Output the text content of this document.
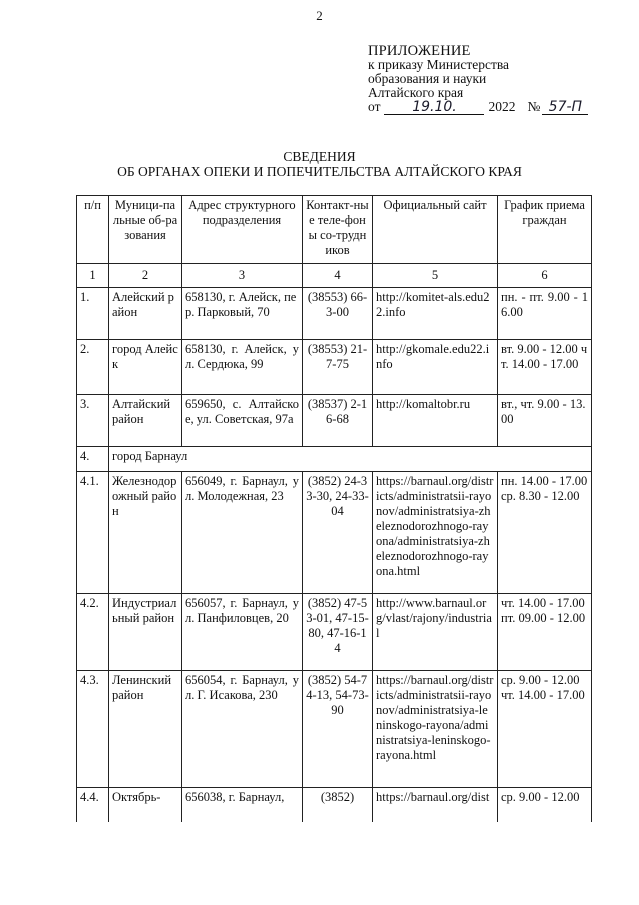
2
ПРИЛОЖЕНИЕ
к приказу Министерства
образования и науки
Алтайского края
от	19.10.	2022 № 57-П
СВЕДЕНИЯ
ОБ ОРГАНАХ ОПЕКИ И ПОПЕЧИТЕЛЬСТВА АЛТАЙСКОГО КРАЯ
п/п	Муници-пальные об-разования	Адрес структурного подразделения	Контакт-ные теле-фоны со-трудников	Официальный сайт	График приема граждан
1	2	3	4	5	6
1.	Алейский район	658130, г. Алейск, пер. Парковый, 70	(38553) 66-3-00	http://komitet-als.edu22.info	пн. - пт. 9.00 - 16.00
2.	город Алейск	658130, г. Алейск, ул. Сердюка, 99	(38553) 21-7-75	http://gkomale.edu22.info	вт. 9.00 - 12.00 чт. 14.00 - 17.00
3.	Алтайский район	659650, с. Алтайское, ул. Советская, 97а	(38537) 2-16-68	http://komaltobr.ru	вт., чт. 9.00 - 13.00
4.	город Барнаул				
4.1.	Железнодорожный район	656049, г. Барнаул, ул. Молодежная, 23	(3852) 24-33-30, 24-33-04	https://barnaul.org/districts/administratsii-rayonov/administratsiya-zheleznodorozhnogo-rayona/administratsiya-zheleznodorozhnogo-rayona.html	пн. 14.00 - 17.00 ср. 8.30 - 12.00
4.2.	Индустриальный район	656057, г. Барнаул, ул. Панфиловцев, 20	(3852) 47-53-01, 47-15-80, 47-16-14	http://www.barnaul.org/vlast/rajony/industrial	чт. 14.00 - 17.00 пт. 09.00 - 12.00
4.3.	Ленинский район	656054, г. Барнаул, ул. Г. Исакова, 230	(3852) 54-74-13, 54-73-90	https://barnaul.org/districts/administratsii-rayonov/administratsiya-leninskogo-rayona/administratsiya-leninskogo-rayona.html	ср. 9.00 - 12.00 чт. 14.00 - 17.00
4.4.	Октябрь-	656038, г. Барнаул,	(3852)	https://barnaul.org/dist	ср. 9.00 - 12.00
